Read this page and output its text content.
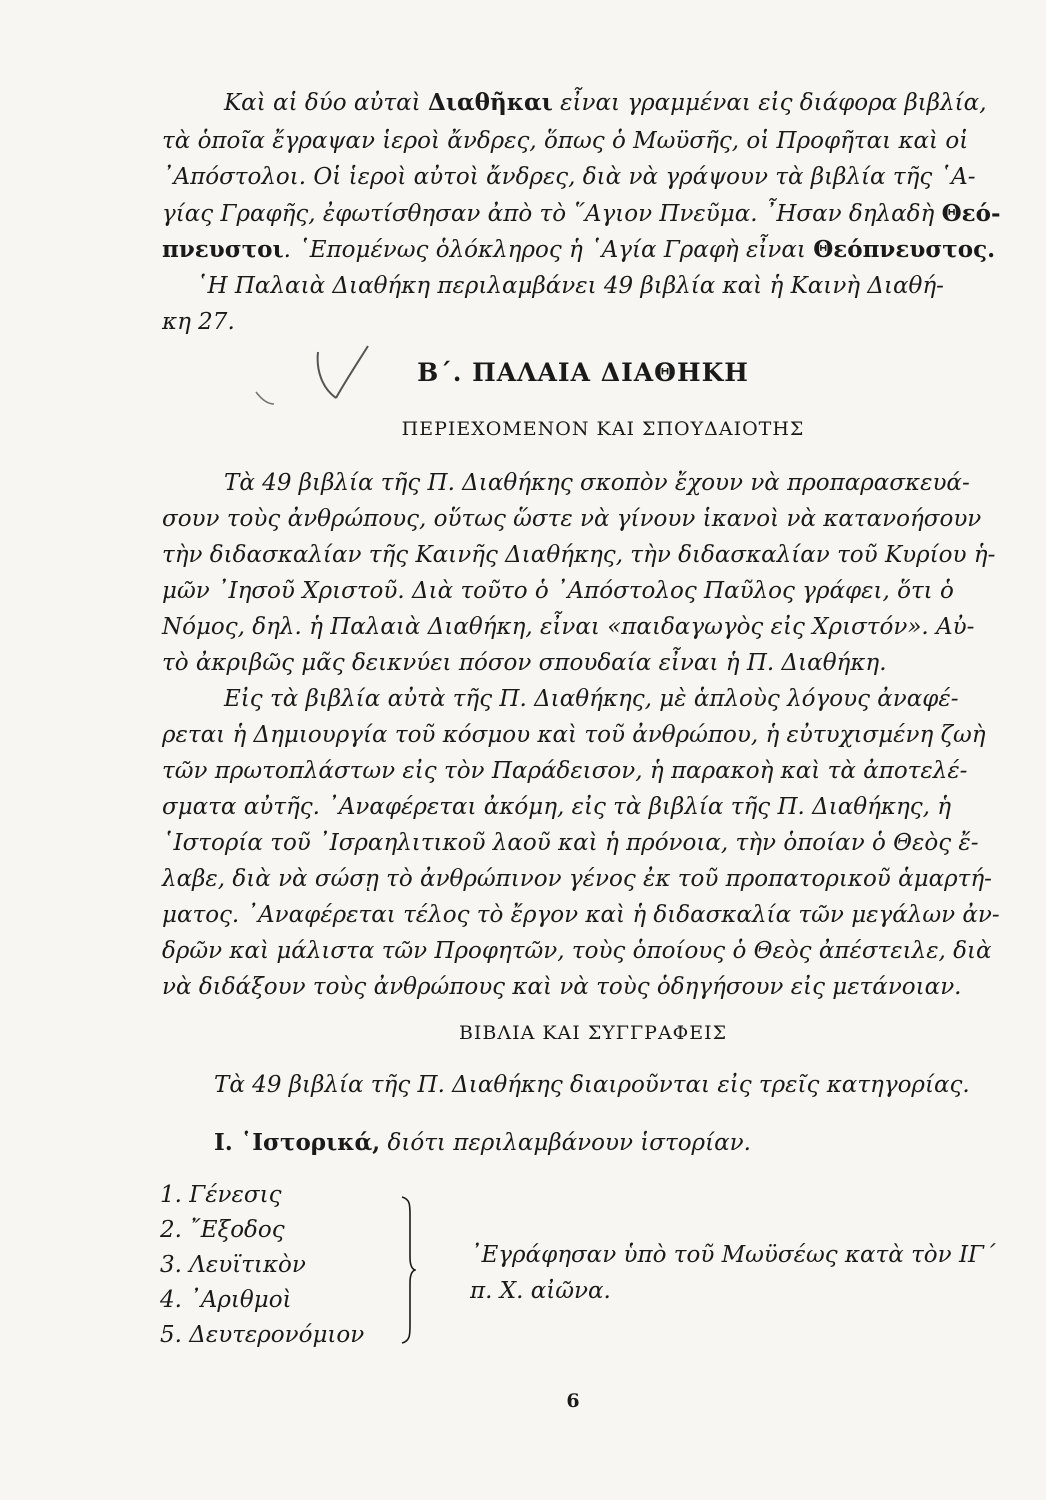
Καὶ αἱ δύο αὐταὶ Διαθῆκαι εἶναι γραμμέναι εἰς διάφορα βιβλία,
τὰ ὁποῖα ἔγραψαν ἱεροὶ ἄνδρες, ὅπως ὁ Μωϋσῆς, οἱ Προφῆται καὶ οἱ
᾿Απόστολοι. Οἱ ἱεροὶ αὐτοὶ ἄνδρες, διὰ νὰ γράψουν τὰ βιβλία τῆς ῾Α-
γίας Γραφῆς, ἐφωτίσθησαν ἀπὸ τὸ ῞Αγιον Πνεῦμα. ῏Ησαν δηλαδὴ Θεό-
πνευστοι. ῾Επομένως ὁλόκληρος ἡ ῾Αγία Γραφὴ εἶναι Θεόπνευστος.
῾Η Παλαιὰ Διαθήκη περιλαμβάνει 49 βιβλία καὶ ἡ Καινὴ Διαθή-
κη 27.
Β΄. ΠΑΛΑΙΑ ΔΙΑΘΗΚΗ
ΠΕΡΙΕΧΟΜΕΝΟΝ ΚΑΙ ΣΠΟΥΔΑΙΟΤΗΣ
Τὰ 49 βιβλία τῆς Π. Διαθήκης σκοπὸν ἔχουν νὰ προπαρασκευά-
σουν τοὺς ἀνθρώπους, οὕτως ὥστε νὰ γίνουν ἱκανοὶ νὰ κατανοήσουν
τὴν διδασκαλίαν τῆς Καινῆς Διαθήκης, τὴν διδασκαλίαν τοῦ Κυρίου ἡ-
μῶν ᾿Ιησοῦ Χριστοῦ. Διὰ τοῦτο ὁ ᾿Απόστολος Παῦλος γράφει, ὅτι ὁ
Νόμος, δηλ. ἡ Παλαιὰ Διαθήκη, εἶναι «παιδαγωγὸς εἰς Χριστόν». Αὐ-
τὸ ἀκριβῶς μᾶς δεικνύει πόσον σπουδαία εἶναι ἡ Π. Διαθήκη.
Εἰς τὰ βιβλία αὐτὰ τῆς Π. Διαθήκης, μὲ ἁπλοὺς λόγους ἀναφέ-
ρεται ἡ Δημιουργία τοῦ κόσμου καὶ τοῦ ἀνθρώπου, ἡ εὐτυχισμένη ζωὴ
τῶν πρωτοπλάστων εἰς τὸν Παράδεισον, ἡ παρακοὴ καὶ τὰ ἀποτελέ-
σματα αὐτῆς. ᾿Αναφέρεται ἀκόμη, εἰς τὰ βιβλία τῆς Π. Διαθήκης, ἡ
῾Ιστορία τοῦ ᾿Ισραηλιτικοῦ λαοῦ καὶ ἡ πρόνοια, τὴν ὁποίαν ὁ Θεὸς ἔ-
λαβε, διὰ νὰ σώσῃ τὸ ἀνθρώπινον γένος ἐκ τοῦ προπατορικοῦ ἁμαρτή-
ματος. ᾿Αναφέρεται τέλος τὸ ἔργον καὶ ἡ διδασκαλία τῶν μεγάλων ἀν-
δρῶν καὶ μάλιστα τῶν Προφητῶν, τοὺς ὁποίους ὁ Θεὸς ἀπέστειλε, διὰ
νὰ διδάξουν τοὺς ἀνθρώπους καὶ νὰ τοὺς ὁδηγήσουν εἰς μετάνοιαν.
ΒΙΒΛΙΑ ΚΑΙ ΣΥΓΓΡΑΦΕΙΣ
Τὰ 49 βιβλία τῆς Π. Διαθήκης διαιροῦνται εἰς τρεῖς κατηγορίας.
Ι. ῾Ιστορικά, διότι περιλαμβάνουν ἱστορίαν.
1. Γένεσις
2. ῎Εξοδος
3. Λευϊτικὸν
4. ᾿Αριθμοὶ
5. Δευτερονόμιον
᾿Εγράφησαν ὑπὸ τοῦ Μωϋσέως κατὰ τὸν ΙΓ΄
π. Χ. αἰῶνα.
6
